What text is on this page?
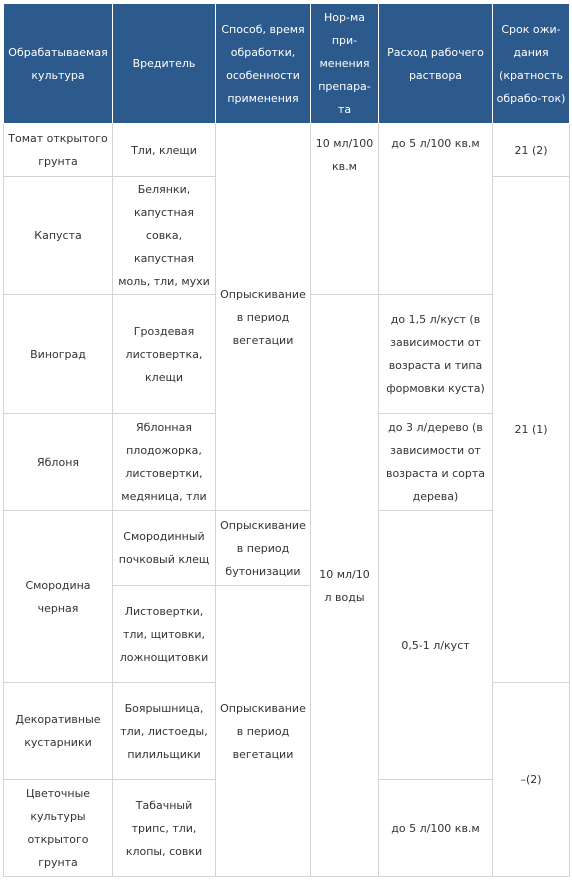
Обрабатываемая культура	Вредитель	Способ, время обработки, особенности применения	Нор-ма при-менения препара-та	Расход рабочего раствора	Срок ожи-дания (кратность обрабо-ток)
Томат открытого грунта	Тли, клещи	Опрыскивание в период вегетации	10 мл/100 кв.м	до 5 л/100 кв.м	21 (2)
Капуста	Белянки, капустная совка, капустная моль, тли, мухи				21 (1)
Виноград	Гроздевая листовертка, клещи		10 мл/10 л воды	до 1,5 л/куст (в зависимости от возраста и типа формовки куста)	
Яблоня	Яблонная плодожорка, листовертки, медяница, тли			до 3 л/дерево (в зависимости от возраста и сорта дерева)	
Смородина черная	Смородинный почковый клещ	Опрыскивание в период бутонизации		0,5-1 л/куст	
	Листовертки, тли, щитовки, ложнощитовки	Опрыскивание в период вегетации			
Декоративные кустарники	Боярышница, тли, листоеды, пилильщики				–(2)
Цветочные культуры открытого грунта	Табачный трипс, тли, клопы, совки			до 5 л/100 кв.м	
